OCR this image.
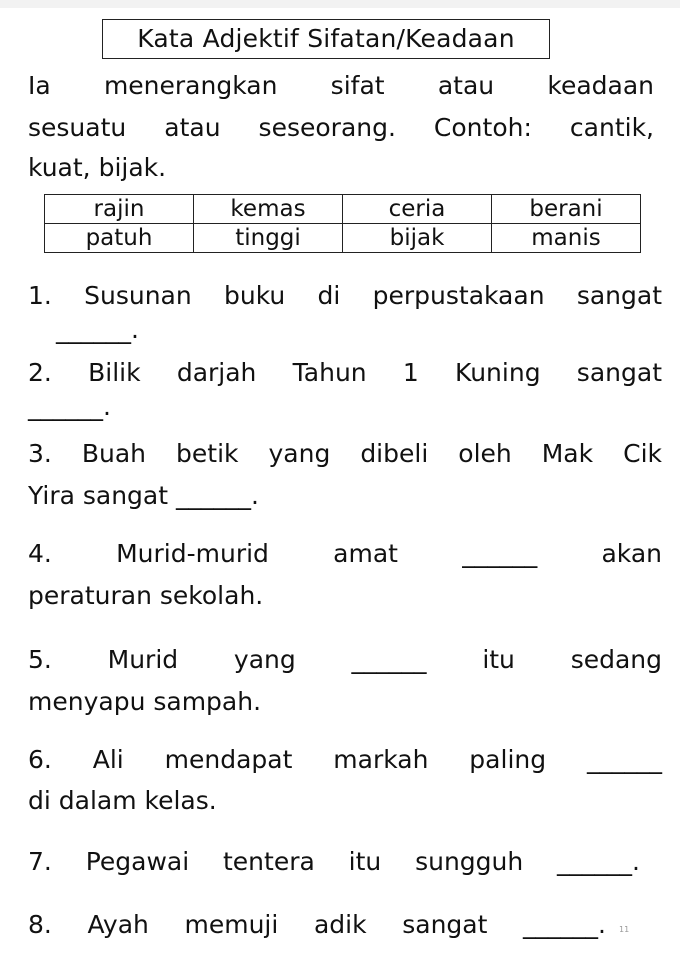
Kata Adjektif Sifatan/Keadaan
Ia menerangkan sifat atau keadaan
sesuatu atau seseorang. Contoh: cantik,
kuat, bijak.
rajin	kemas	ceria	berani
patuh	tinggi	bijak	manis
1. Susunan buku di perpustakaan sangat
______.
2. Bilik darjah Tahun 1 Kuning sangat
______.
3. Buah betik yang dibeli oleh Mak Cik
Yira sangat ______.
4. Murid-murid amat ______ akan
peraturan sekolah.
5. Murid yang ______ itu sedang
menyapu sampah.
6. Ali mendapat markah paling ______
di dalam kelas.
7. Pegawai tentera itu sungguh ______.
8. Ayah memuji adik sangat ______. 11
